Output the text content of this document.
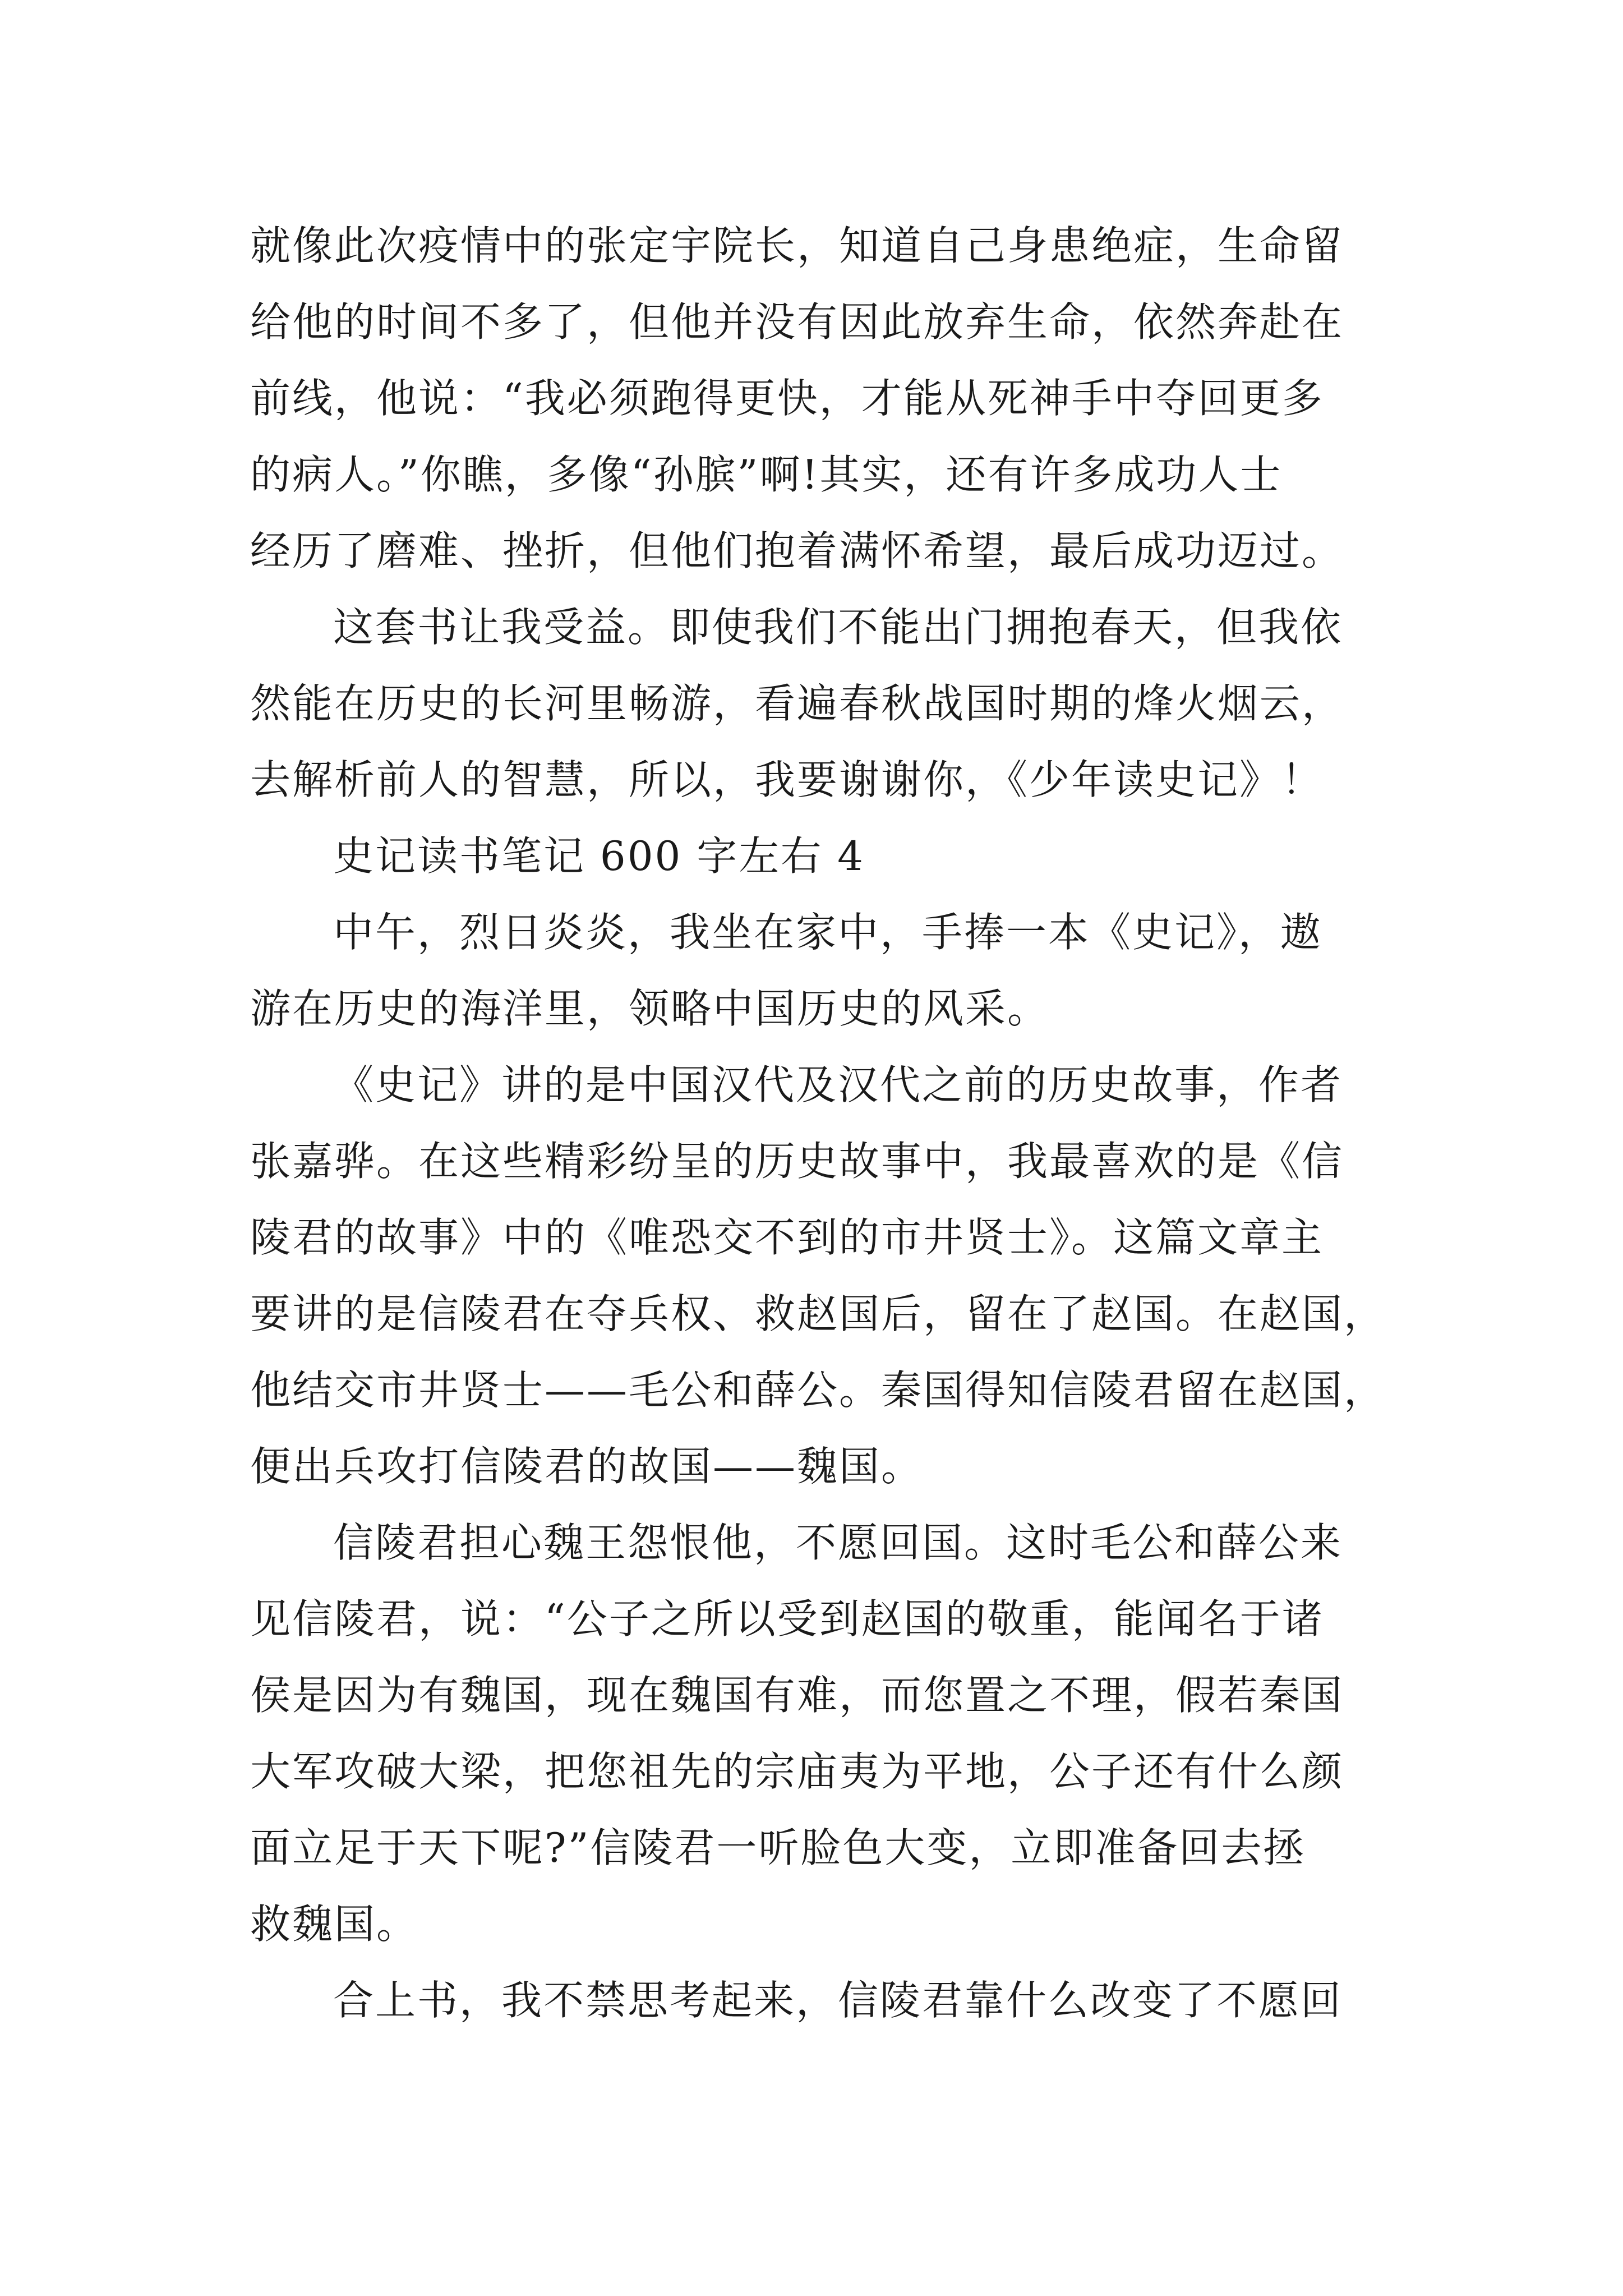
就像此次疫情中的张定宇院长，知道自己身患绝症，生命留
给他的时间不多了，但他并没有因此放弃生命，依然奔赴在
前线，他说：“我必须跑得更快，才能从死神手中夺回更多
的病人。”你瞧，多像“孙膑”啊!其实，还有许多成功人士
经历了磨难、挫折，但他们抱着满怀希望，最后成功迈过。

这套书让我受益。即使我们不能出门拥抱春天，但我依
然能在历史的长河里畅游，看遍春秋战国时期的烽火烟云，
去解析前人的智慧，所以，我要谢谢你，《少年读史记》！

史记读书笔记 600 字左右 4

中午，烈日炎炎，我坐在家中，手捧一本《史记》，遨
游在历史的海洋里，领略中国历史的风采。

《史记》讲的是中国汉代及汉代之前的历史故事，作者
张嘉骅。在这些精彩纷呈的历史故事中，我最喜欢的是《信
陵君的故事》中的《唯恐交不到的市井贤士》。这篇文章主
要讲的是信陵君在夺兵权、救赵国后，留在了赵国。在赵国，
他结交市井贤士——毛公和薛公。秦国得知信陵君留在赵国，
便出兵攻打信陵君的故国——魏国。

信陵君担心魏王怨恨他，不愿回国。这时毛公和薛公来
见信陵君，说：“公子之所以受到赵国的敬重，能闻名于诸
侯是因为有魏国，现在魏国有难，而您置之不理，假若秦国
大军攻破大梁，把您祖先的宗庙夷为平地，公子还有什么颜
面立足于天下呢?”信陵君一听脸色大变，立即准备回去拯
救魏国。

合上书，我不禁思考起来，信陵君靠什么改变了不愿回
